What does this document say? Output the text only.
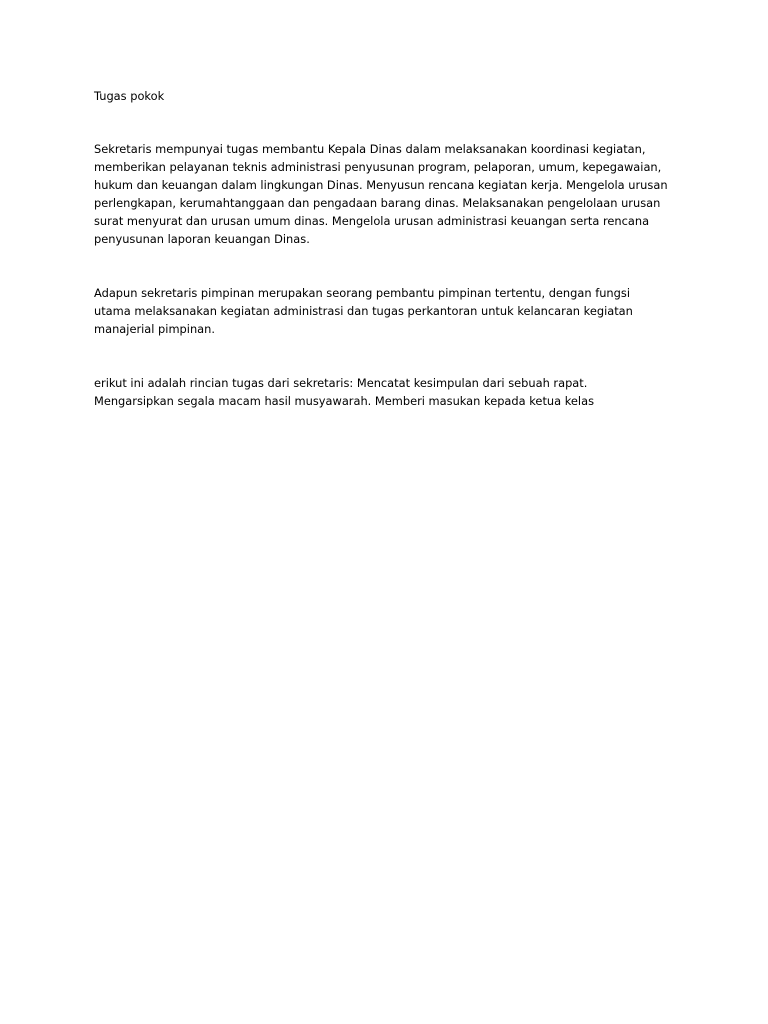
Tugas pokok
Sekretaris mempunyai tugas membantu Kepala Dinas dalam melaksanakan koordinasi kegiatan,
memberikan pelayanan teknis administrasi penyusunan program, pelaporan, umum, kepegawaian,
hukum dan keuangan dalam lingkungan Dinas. Menyusun rencana kegiatan kerja. Mengelola urusan
perlengkapan, kerumahtanggaan dan pengadaan barang dinas. Melaksanakan pengelolaan urusan
surat menyurat dan urusan umum dinas. Mengelola urusan administrasi keuangan serta rencana
penyusunan laporan keuangan Dinas.
Adapun sekretaris pimpinan merupakan seorang pembantu pimpinan tertentu, dengan fungsi
utama melaksanakan kegiatan administrasi dan tugas perkantoran untuk kelancaran kegiatan
manajerial pimpinan.
erikut ini adalah rincian tugas dari sekretaris: Mencatat kesimpulan dari sebuah rapat.
Mengarsipkan segala macam hasil musyawarah. Memberi masukan kepada ketua kelas
